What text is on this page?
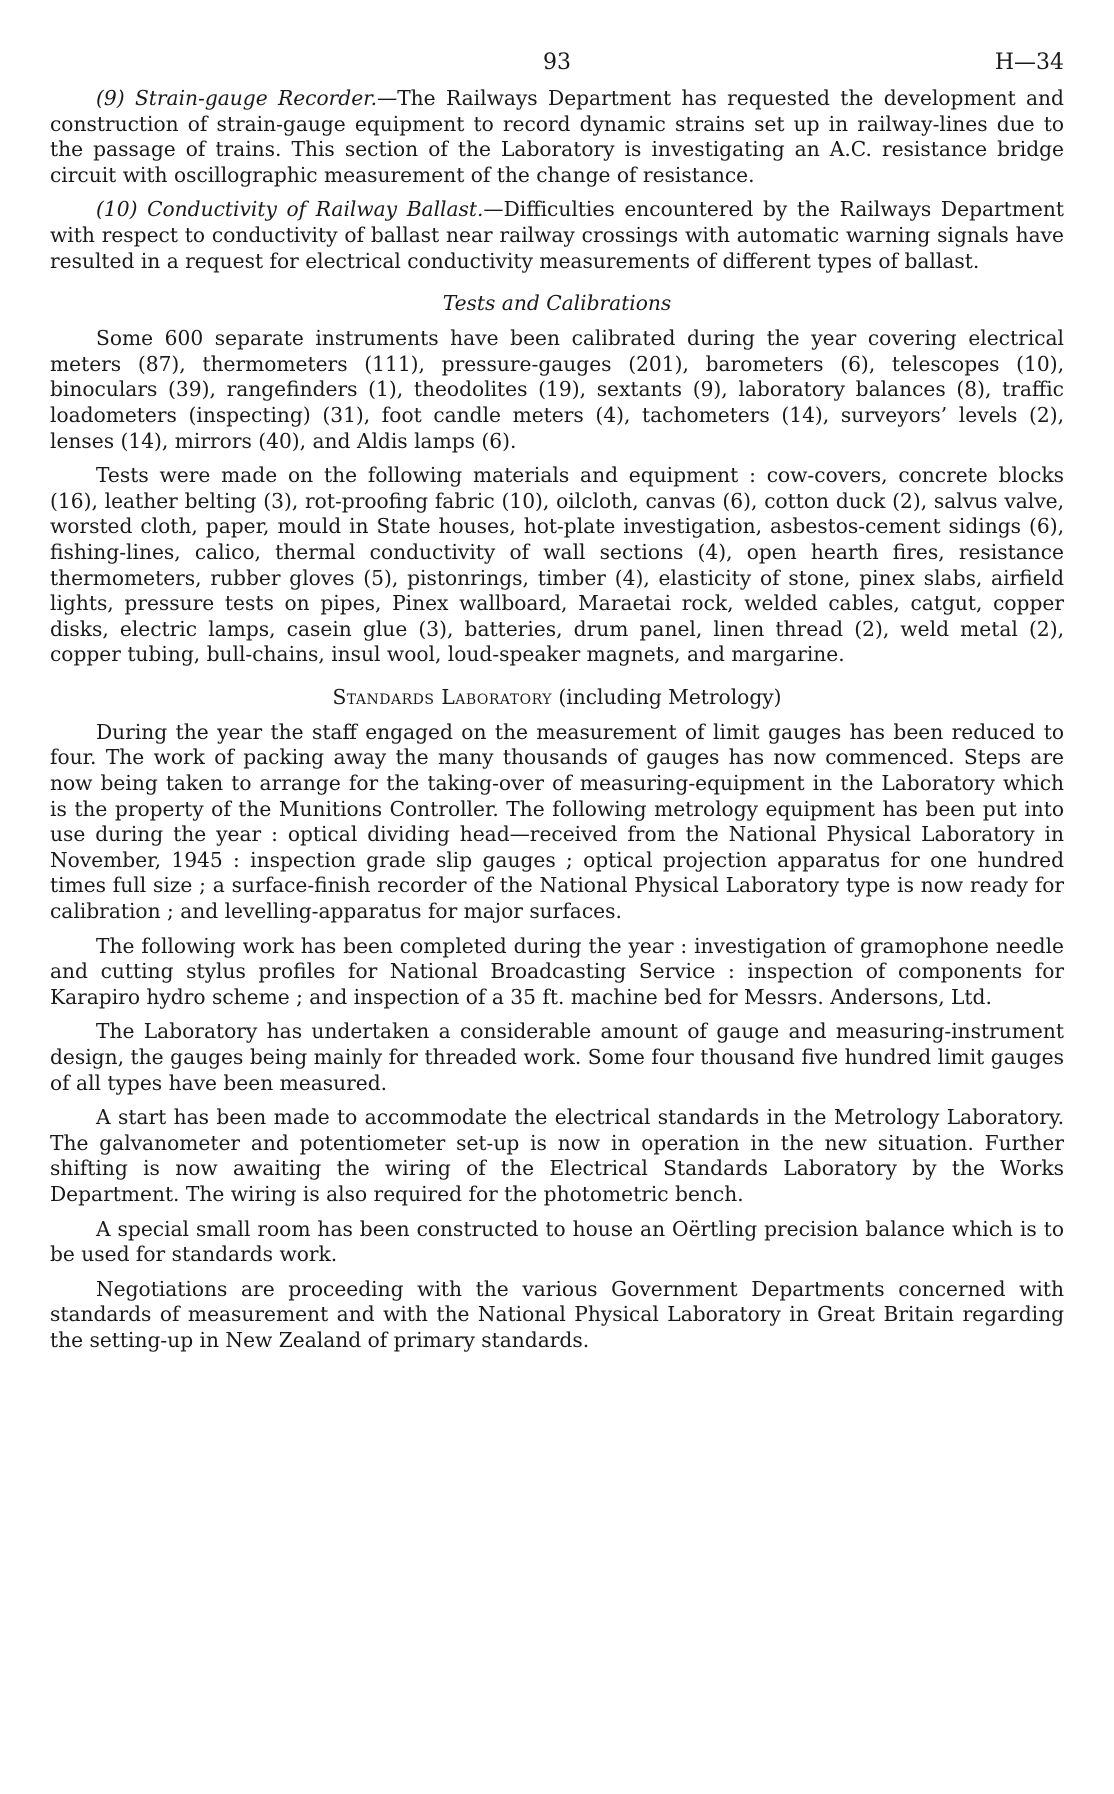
93	H—34

(9) Strain-gauge Recorder.—The Railways Department has requested the development and construction of strain-gauge equipment to record dynamic strains set up in railway-lines due to the passage of trains. This section of the Laboratory is investigating an A.C. resistance bridge circuit with oscillographic measurement of the change of resistance.

(10) Conductivity of Railway Ballast.—Difficulties encountered by the Railways Department with respect to conductivity of ballast near railway crossings with automatic warning signals have resulted in a request for electrical conductivity measurements of different types of ballast.

Tests and Calibrations

Some 600 separate instruments have been calibrated during the year covering electrical meters (87), thermometers (111), pressure-gauges (201), barometers (6), telescopes (10), binoculars (39), rangefinders (1), theodolites (19), sextants (9), laboratory balances (8), traffic loadometers (inspecting) (31), foot candle meters (4), tachometers (14), surveyors’ levels (2), lenses (14), mirrors (40), and Aldis lamps (6).

Tests were made on the following materials and equipment : cow-covers, concrete blocks (16), leather belting (3), rot-proofing fabric (10), oilcloth, canvas (6), cotton duck (2), salvus valve, worsted cloth, paper, mould in State houses, hot-plate investigation, asbestos-cement sidings (6), fishing-lines, calico, thermal conductivity of wall sections (4), open hearth fires, resistance thermometers, rubber gloves (5), pistonrings, timber (4), elasticity of stone, pinex slabs, airfield lights, pressure tests on pipes, Pinex wallboard, Maraetai rock, welded cables, catgut, copper disks, electric lamps, casein glue (3), batteries, drum panel, linen thread (2), weld metal (2), copper tubing, bull-chains, insul wool, loud-speaker magnets, and margarine.

Standards Laboratory (including Metrology)

During the year the staff engaged on the measurement of limit gauges has been reduced to four. The work of packing away the many thousands of gauges has now commenced. Steps are now being taken to arrange for the taking-over of measuring-equipment in the Laboratory which is the property of the Munitions Controller. The following metrology equipment has been put into use during the year : optical dividing head—received from the National Physical Laboratory in November, 1945 : inspection grade slip gauges ; optical projection apparatus for one hundred times full size ; a surface-finish recorder of the National Physical Laboratory type is now ready for calibration ; and levelling-apparatus for major surfaces.

The following work has been completed during the year : investigation of gramophone needle and cutting stylus profiles for National Broadcasting Service : inspection of components for Karapiro hydro scheme ; and inspection of a 35 ft. machine bed for Messrs. Andersons, Ltd.

The Laboratory has undertaken a considerable amount of gauge and measuring-instrument design, the gauges being mainly for threaded work. Some four thousand five hundred limit gauges of all types have been measured.

A start has been made to accommodate the electrical standards in the Metrology Laboratory. The galvanometer and potentiometer set-up is now in operation in the new situation. Further shifting is now awaiting the wiring of the Electrical Standards Laboratory by the Works Department. The wiring is also required for the photometric bench.

A special small room has been constructed to house an Oërtling precision balance which is to be used for standards work.

Negotiations are proceeding with the various Government Departments concerned with standards of measurement and with the National Physical Laboratory in Great Britain regarding the setting-up in New Zealand of primary standards.
